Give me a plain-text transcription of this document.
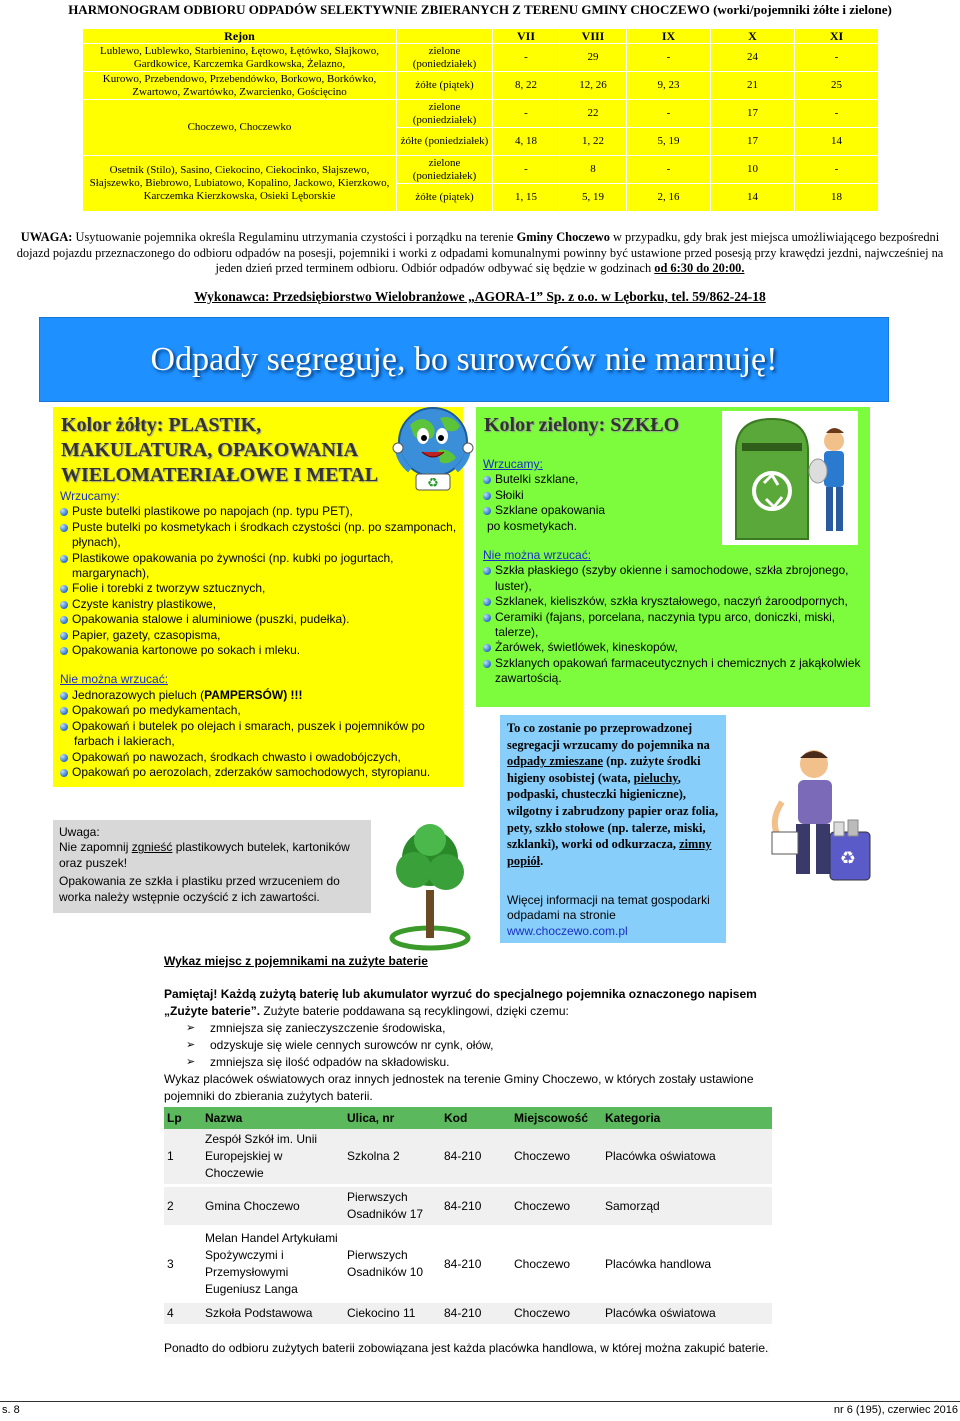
HARMONOGRAM ODBIORU ODPADÓW SELEKTYWNIE ZBIERANYCH Z TERENU GMINY CHOCZEWO (worki/pojemniki żółte i zielone)
Rejon		VII	VIII	IX	X	XI
Lublewo, Lublewko, Starbienino, Łętowo, Łętówko, Słajkowo, Gardkowice, Karczemka Gardkowska, Żelazno,	zielone (poniedziałek)	-	29	-	24	-
Kurowo, Przebendowo, Przebendówko, Borkowo, Borkówko, Zwartowo, Zwartówko, Zwarcienko, Gościęcino	żółte (piątek)	8, 22	12, 26	9, 23	21	25
Choczewo, Choczewko	zielone (poniedziałek)	-	22	-	17	-
	żółte (poniedziałek)	4, 18	1, 22	5, 19	17	14
Osetnik (Stilo), Sasino, Ciekocino, Ciekocinko, Słajszewo, Słajszewko, Biebrowo, Lubiatowo, Kopalino, Jackowo, Kierzkowo, Karczemka Kierzkowska, Osieki Lęborskie	zielone (poniedziałek)	-	8	-	10	-
	żółte (piątek)	1, 15	5, 19	2, 16	14	18
UWAGA: Usytuowanie pojemnika określa Regulaminu utrzymania czystości i porządku na terenie Gminy Choczewo w przypadku, gdy brak jest miejsca umożliwiającego bezpośredni dojazd pojazdu przeznaczonego do odbioru odpadów na posesji, pojemniki i worki z odpadami komunalnymi powinny być ustawione przed posesją przy krawędzi jezdni, najwcześniej na jeden dzień przed terminem odbioru. Odbiór odpadów odbywać się będzie w godzinach od 6:30 do 20:00.
Wykonawca: Przedsiębiorstwo Wielobranżowe „AGORA-1” Sp. z o.o. w Lęborku, tel. 59/862-24-18
Odpady segreguję, bo surowców nie marnuję!
Kolor żółty: PLASTIK, MAKULATURA, OPAKOWANIA WIELOMATERIAŁOWE I METAL
Wrzucamy:
Puste butelki plastikowe po napojach (np. typu PET),
Puste butelki po kosmetykach i środkach czystości (np. po szamponach, płynach),
Plastikowe opakowania po żywności (np. kubki po jogurtach, margarynach),
Folie i torebki z tworzyw sztucznych,
Czyste kanistry plastikowe,
Opakowania stalowe i aluminiowe (puszki, pudełka).
Papier, gazety, czasopisma,
Opakowania kartonowe po sokach i mleku.
Nie można wrzucać:
Jednorazowych pieluch (PAMPERSÓW) !!!
Opakowań po medykamentach,
Opakowań i butelek po olejach i smarach, puszek i pojemników po
farbach i lakierach,
Opakowań po nawozach, środkach chwasto i owadobójczych,
Opakowań po aerozolach, zderzaków samochodowych, styropianu.
♻
Kolor zielony: SZKŁO
Wrzucamy:
Butelki szklane,
Słoiki
Szklane opakowania
po kosmetykach.
Nie można wrzucać:
Szkła płaskiego (szyby okienne i samochodowe, szkła zbrojonego, luster),
Szklanek, kieliszków, szkła kryształowego, naczyń żaroodpornych,
Ceramiki (fajans, porcelana, naczynia typu arco, doniczki, miski, talerze),
Żarówek, świetlówek, kineskopów,
Szklanych opakowań farmaceutycznych i chemicznych z jakąkolwiek zawartością.
Uwaga:
Nie zapomnij zgnieść plastikowych butelek, kartoników oraz puszek!
Opakowania ze szkła i plastiku przed wrzuceniem do worka należy wstępnie oczyścić z ich zawartości.
To co zostanie po przeprowadzonej segregacji wrzucamy do pojemnika na odpady zmieszane (np. zużyte środki higieny osobistej (wata, pieluchy, podpaski, chusteczki higieniczne), wilgotny i zabrudzony papier oraz folia, pety, szkło stołowe (np. talerze, miski, szklanki), worki od odkurzacza, zimny popiół.
Więcej informacji na temat gospodarki odpadami na stronie www.choczewo.com.pl
♻
Wykaz miejsc z pojemnikami na zużyte baterie
Pamiętaj! Każdą zużytą baterię lub akumulator wyrzuć do specjalnego pojemnika oznaczonego napisem „Zużyte baterie”. Zużyte baterie poddawana są recyklingowi, dzięki czemu:
➢ zmniejsza się zanieczyszczenie środowiska,
➢ odzyskuje się wiele cennych surowców nr cynk, ołów,
➢ zmniejsza się ilość odpadów na składowisku.
Wykaz placówek oświatowych oraz innych jednostek na terenie Gminy Choczewo, w których zostały ustawione pojemniki do zbierania zużytych baterii.
Lp	Nazwa	Ulica, nr	Kod	Miejscowość	Kategoria
1	Zespół Szkół im. Unii Europejskiej w Choczewie	Szkolna 2	84-210	Choczewo	Placówka oświatowa
2	Gmina Choczewo	Pierwszych Osadników 17	84-210	Choczewo	Samorząd
3	Melan Handel Artykułami Spożywczymi i Przemysłowymi Eugeniusz Langa	Pierwszych Osadników 10	84-210	Choczewo	Placówka handlowa
4	Szkoła Podstawowa	Ciekocino 11	84-210	Choczewo	Placówka oświatowa
Ponadto do odbioru zużytych baterii zobowiązana jest każda placówka handlowa, w której można zakupić baterie.
s. 8	nr 6 (195), czerwiec 2016
